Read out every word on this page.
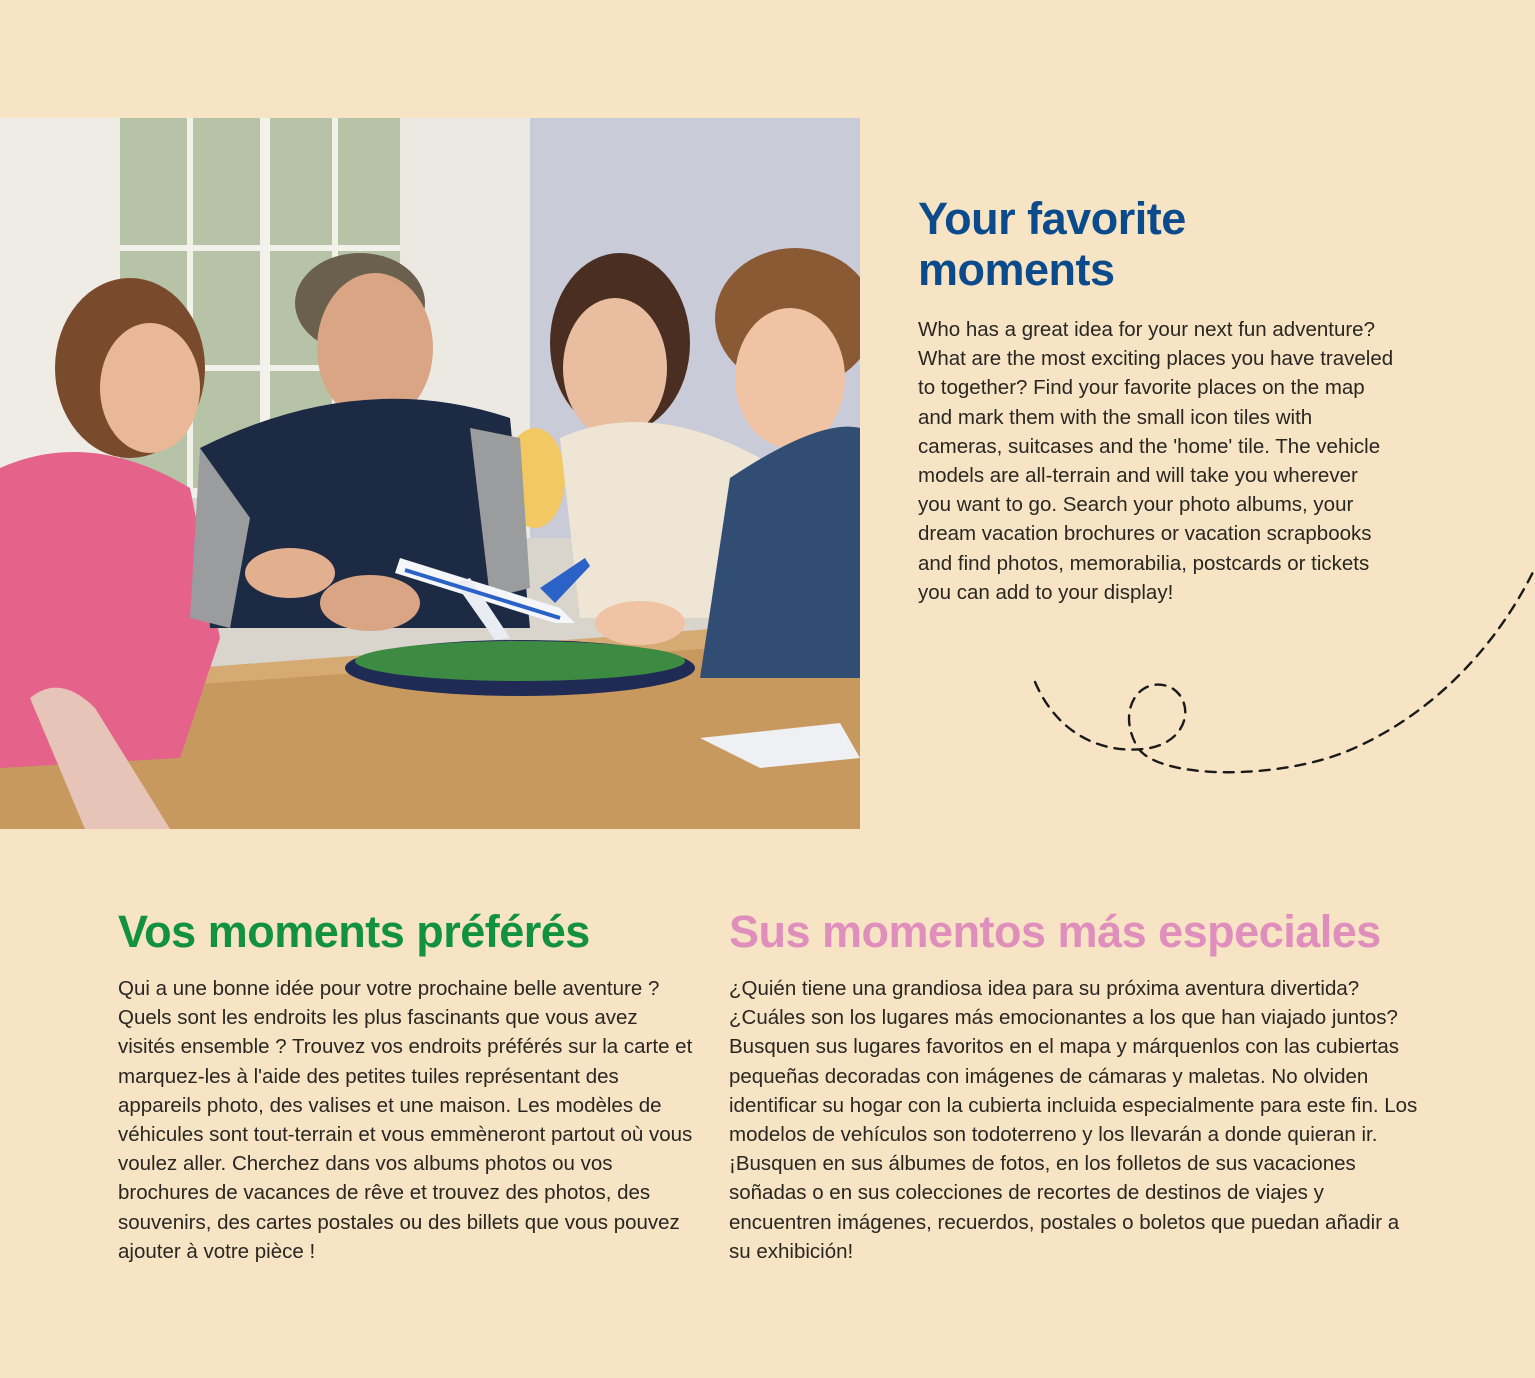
Your favorite moments

Who has a great idea for your next fun adventure? What are the most exciting places you have traveled to together? Find your favorite places on the map and mark them with the small icon tiles with cameras, suitcases and the 'home' tile. The vehicle models are all-terrain and will take you wherever you want to go. Search your photo albums, your dream vacation brochures or vacation scrapbooks and find photos, memorabilia, postcards or tickets you can add to your display!

Vos moments préférés

Qui a une bonne idée pour votre prochaine belle aventure ? Quels sont les endroits les plus fascinants que vous avez visités ensemble ? Trouvez vos endroits préférés sur la carte et marquez-les à l'aide des petites tuiles représentant des appareils photo, des valises et une maison. Les modèles de véhicules sont tout-terrain et vous emmèneront partout où vous voulez aller. Cherchez dans vos albums photos ou vos brochures de vacances de rêve et trouvez des photos, des souvenirs, des cartes postales ou des billets que vous pouvez ajouter à votre pièce !

Sus momentos más especiales

¿Quién tiene una grandiosa idea para su próxima aventura divertida? ¿Cuáles son los lugares más emocionantes a los que han viajado juntos? Busquen sus lugares favoritos en el mapa y márquenlos con las cubiertas pequeñas decoradas con imágenes de cámaras y maletas. No olviden identificar su hogar con la cubierta incluida especialmente para este fin. Los modelos de vehículos son todoterreno y los llevarán a donde quieran ir. ¡Busquen en sus álbumes de fotos, en los folletos de sus vacaciones soñadas o en sus colecciones de recortes de destinos de viajes y encuentren imágenes, recuerdos, postales o boletos que puedan añadir a su exhibición!
